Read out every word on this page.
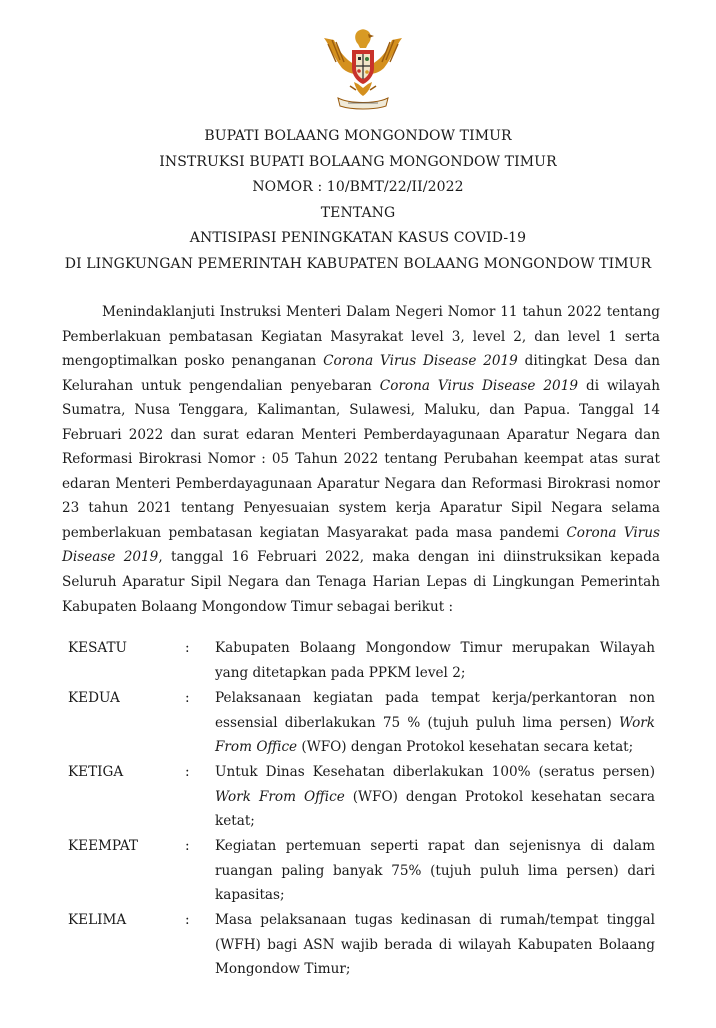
BUPATI BOLAANG MONGONDOW TIMUR
INSTRUKSI BUPATI BOLAANG MONGONDOW TIMUR
NOMOR : 10/BMT/22/II/2022
TENTANG
ANTISIPASI PENINGKATAN KASUS COVID-19
DI LINGKUNGAN PEMERINTAH KABUPATEN BOLAANG MONGONDOW TIMUR
Menindaklanjuti Instruksi Menteri Dalam Negeri Nomor 11 tahun 2022 tentang
Pemberlakuan pembatasan Kegiatan Masyrakat level 3, level 2, dan level 1 serta
mengoptimalkan posko penanganan Corona Virus Disease 2019 ditingkat Desa dan
Kelurahan untuk pengendalian penyebaran Corona Virus Disease 2019 di wilayah
Sumatra, Nusa Tenggara, Kalimantan, Sulawesi, Maluku, dan Papua. Tanggal 14
Februari 2022 dan surat edaran Menteri Pemberdayagunaan Aparatur Negara dan
Reformasi Birokrasi Nomor : 05 Tahun 2022 tentang Perubahan keempat atas surat
edaran Menteri Pemberdayagunaan Aparatur Negara dan Reformasi Birokrasi nomor
23 tahun 2021 tentang Penyesuaian system kerja Aparatur Sipil Negara selama
pemberlakuan pembatasan kegiatan Masyarakat pada masa pandemi Corona Virus
Disease 2019, tanggal 16 Februari 2022, maka dengan ini diinstruksikan kepada
Seluruh Aparatur Sipil Negara dan Tenaga Harian Lepas di Lingkungan Pemerintah
Kabupaten Bolaang Mongondow Timur sebagai berikut :
KESATU	: Kabupaten Bolaang Mongondow Timur merupakan Wilayah
yang ditetapkan pada PPKM level 2;
KEDUA	: Pelaksanaan kegiatan pada tempat kerja/perkantoran non
essensial diberlakukan 75 % (tujuh puluh lima persen) Work
From Office (WFO) dengan Protokol kesehatan secara ketat;
KETIGA	: Untuk Dinas Kesehatan diberlakukan 100% (seratus persen)
Work From Office (WFO) dengan Protokol kesehatan secara
ketat;
KEEMPAT	: Kegiatan pertemuan seperti rapat dan sejenisnya di dalam
ruangan paling banyak 75% (tujuh puluh lima persen) dari
kapasitas;
KELIMA	: Masa pelaksanaan tugas kedinasan di rumah/tempat tinggal
(WFH) bagi ASN wajib berada di wilayah Kabupaten Bolaang
Mongondow Timur;
